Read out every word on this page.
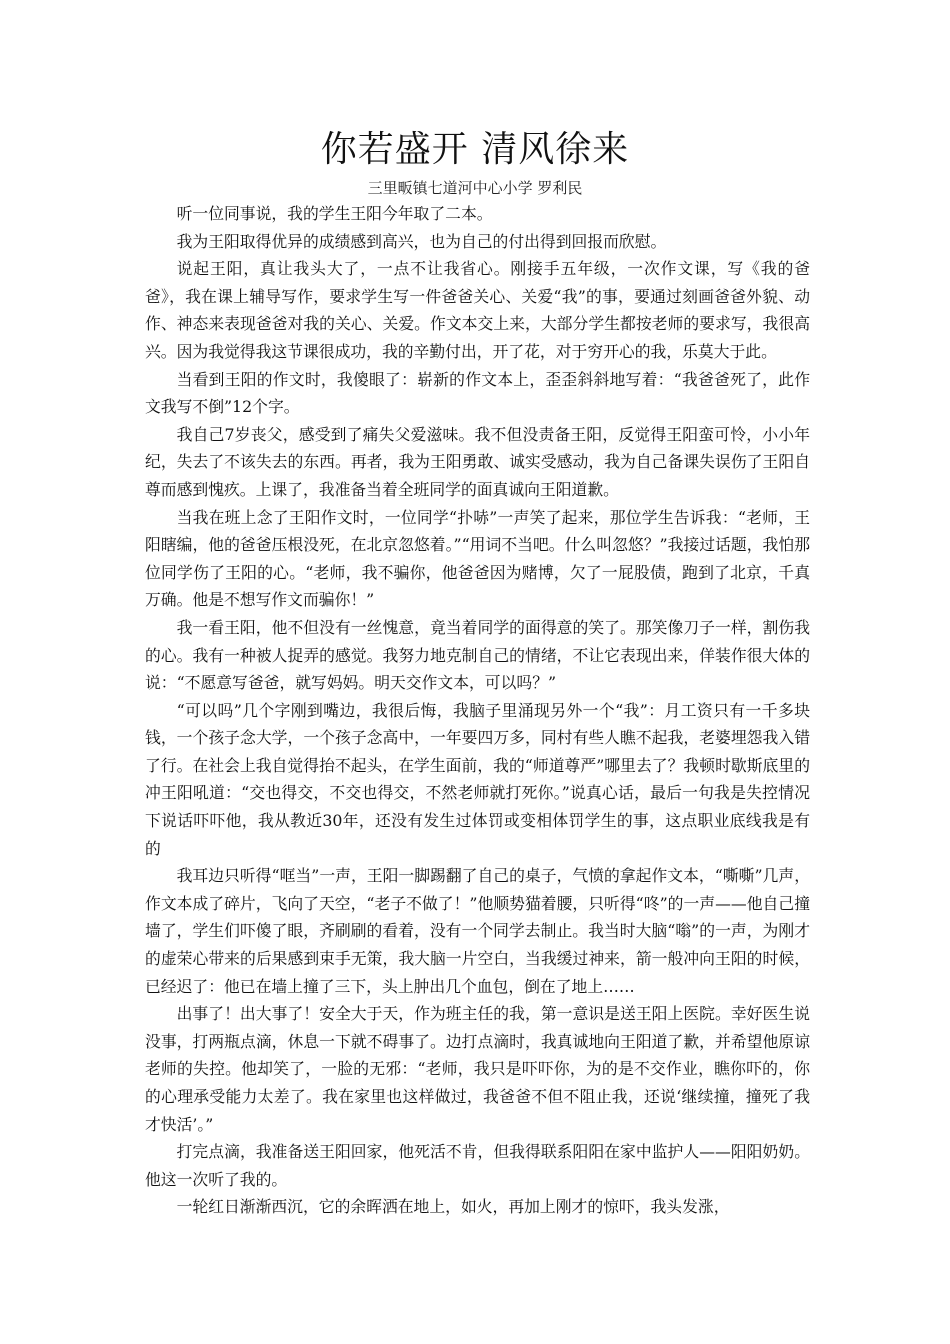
你若盛开 清风徐来
三里畈镇七道河中心小学 罗利民

听一位同事说，我的学生王阳今年取了二本。

我为王阳取得优异的成绩感到高兴，也为自己的付出得到回报而欣慰。

说起王阳，真让我头大了，一点不让我省心。刚接手五年级，一次作文课，写《我的爸爸》，我在课上辅导写作，要求学生写一件爸爸关心、关爱“我”的事，要通过刻画爸爸外貌、动作、神态来表现爸爸对我的关心、关爱。作文本交上来，大部分学生都按老师的要求写，我很高兴。因为我觉得我这节课很成功，我的辛勤付出，开了花，对于穷开心的我，乐莫大于此。

当看到王阳的作文时，我傻眼了：崭新的作文本上，歪歪斜斜地写着：“我爸爸死了，此作文我写不倒”12个字。

我自己7岁丧父，感受到了痛失父爱滋味。我不但没责备王阳，反觉得王阳蛮可怜，小小年纪，失去了不该失去的东西。再者，我为王阳勇敢、诚实受感动，我为自己备课失误伤了王阳自尊而感到愧疚。上课了，我准备当着全班同学的面真诚向王阳道歉。

当我在班上念了王阳作文时，一位同学“扑哧”一声笑了起来，那位学生告诉我：“老师，王阳瞎编，他的爸爸压根没死，在北京忽悠着。”“用词不当吧。什么叫忽悠？”我接过话题，我怕那位同学伤了王阳的心。“老师，我不骗你，他爸爸因为赌博，欠了一屁股债，跑到了北京，千真万确。他是不想写作文而骗你！”

我一看王阳，他不但没有一丝愧意，竟当着同学的面得意的笑了。那笑像刀子一样，割伤我的心。我有一种被人捉弄的感觉。我努力地克制自己的情绪，不让它表现出来，佯装作很大体的说：“不愿意写爸爸，就写妈妈。明天交作文本，可以吗？”

“可以吗”几个字刚到嘴边，我很后悔，我脑子里涌现另外一个“我”：月工资只有一千多块钱，一个孩子念大学，一个孩子念高中，一年要四万多，同村有些人瞧不起我，老婆埋怨我入错了行。在社会上我自觉得抬不起头，在学生面前，我的“师道尊严”哪里去了？我顿时歇斯底里的冲王阳吼道：“交也得交，不交也得交，不然老师就打死你。”说真心话，最后一句我是失控情况下说话吓吓他，我从教近30年，还没有发生过体罚或变相体罚学生的事，这点职业底线我是有的

我耳边只听得“哐当”一声，王阳一脚踢翻了自己的桌子，气愤的拿起作文本，“嘶嘶”几声，作文本成了碎片，飞向了天空，“老子不做了！”他顺势猫着腰，只听得“咚”的一声——他自己撞墙了，学生们吓傻了眼，齐刷刷的看着，没有一个同学去制止。我当时大脑“嗡”的一声，为刚才的虚荣心带来的后果感到束手无策，我大脑一片空白，当我缓过神来，箭一般冲向王阳的时候，已经迟了：他已在墙上撞了三下，头上肿出几个血包，倒在了地上……

出事了！出大事了！安全大于天，作为班主任的我，第一意识是送王阳上医院。幸好医生说没事，打两瓶点滴，休息一下就不碍事了。边打点滴时，我真诚地向王阳道了歉，并希望他原谅老师的失控。他却笑了，一脸的无邪：“老师，我只是吓吓你，为的是不交作业，瞧你吓的，你的心理承受能力太差了。我在家里也这样做过，我爸爸不但不阻止我，还说‘继续撞，撞死了我才快活’。”

打完点滴，我准备送王阳回家，他死活不肯，但我得联系阳阳在家中监护人——阳阳奶奶。他这一次听了我的。

一轮红日渐渐西沉，它的余晖洒在地上，如火，再加上刚才的惊吓，我头发涨，
